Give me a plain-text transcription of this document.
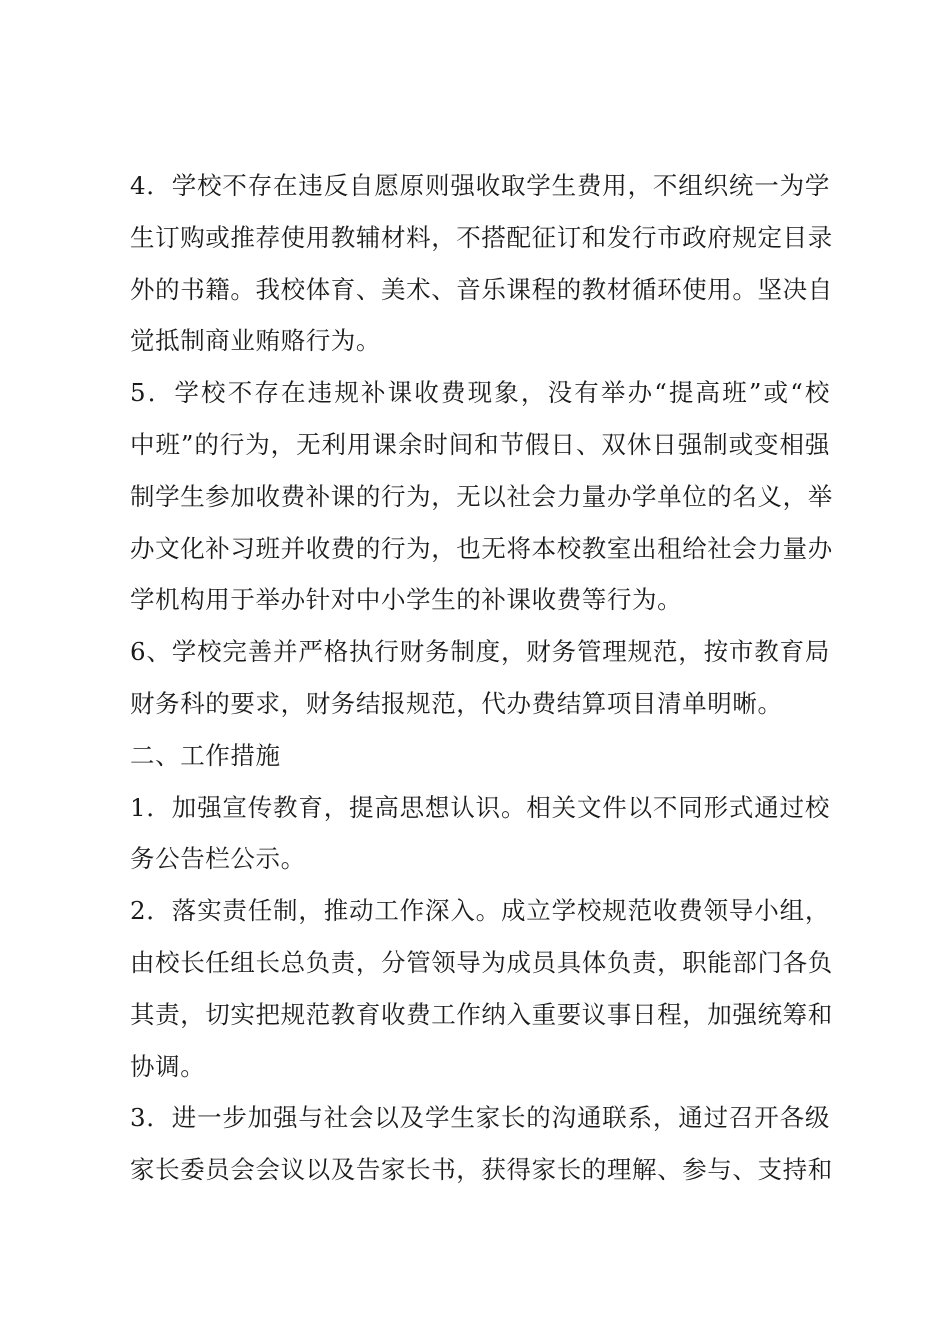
4．学校不存在违反自愿原则强收取学生费用，不组织统一为学
生订购或推荐使用教辅材料，不搭配征订和发行市政府规定目录
外的书籍。我校体育、美术、音乐课程的教材循环使用。坚决自
觉抵制商业贿赂行为。
5．学校不存在违规补课收费现象，没有举办“提高班”或“校
中班”的行为，无利用课余时间和节假日、双休日强制或变相强
制学生参加收费补课的行为，无以社会力量办学单位的名义，举
办文化补习班并收费的行为，也无将本校教室出租给社会力量办
学机构用于举办针对中小学生的补课收费等行为。
6、学校完善并严格执行财务制度，财务管理规范，按市教育局
财务科的要求，财务结报规范，代办费结算项目清单明晰。
二、工作措施
1．加强宣传教育，提高思想认识。相关文件以不同形式通过校
务公告栏公示。
2．落实责任制，推动工作深入。成立学校规范收费领导小组，
由校长任组长总负责，分管领导为成员具体负责，职能部门各负
其责，切实把规范教育收费工作纳入重要议事日程，加强统筹和
协调。
3．进一步加强与社会以及学生家长的沟通联系，通过召开各级
家长委员会会议以及告家长书，获得家长的理解、参与、支持和
